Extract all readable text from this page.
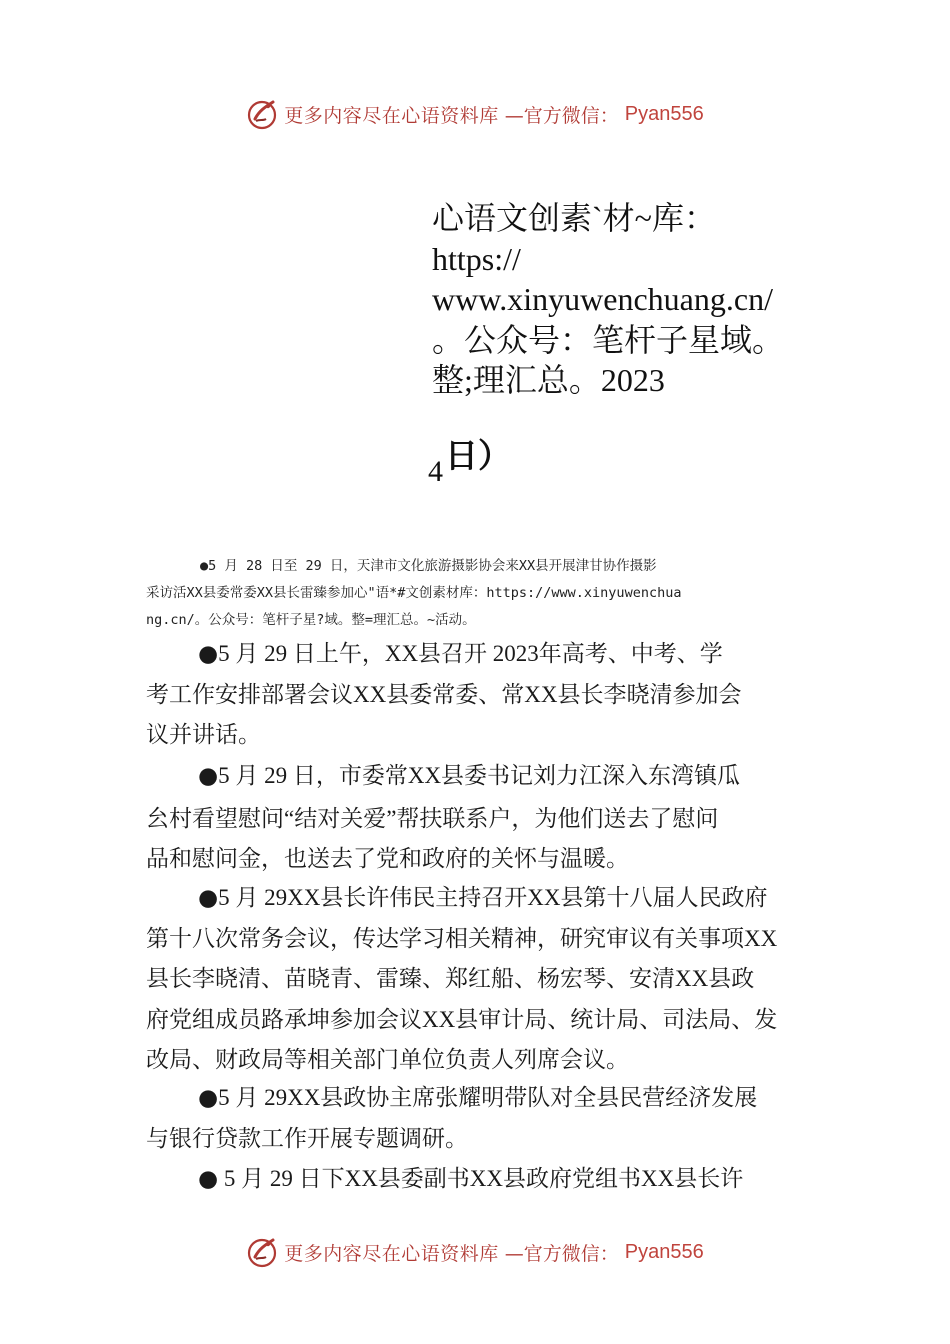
更多内容尽在心语资料库 —官方微信： Pyan556
心语文创素`材~库：
https://
www.xinyuwenchuang.cn/
。公众号：笔杆子星域。
整;理汇总。2023
4日）
●5 月 28 日至 29 日，天津市文化旅游摄影协会来XX县开展津甘协作摄影
采访活XX县委常委XX县长雷臻参加心"语*#文创素材库：https://www.xinyuwenchua
ng.cn/。公众号：笔杆子星?域。整=理汇总。~活动。
●5 月 29 日上午，XX县召开 2023年高考、中考、学
考工作安排部署会议XX县委常委、常XX县长李晓清参加会
议并讲话。
●5 月 29 日，市委常XX县委书记刘力江深入东湾镇瓜
㕕村看望慰问“结对关爱”帮扶联系户，为他们送去了慰问
品和慰问金，也送去了党和政府的关怀与温暖。
●5 月 29XX县长许伟民主持召开XX县第十八届人民政府
第十八次常务会议，传达学习相关精神，研究审议有关事项XX
县长李晓清、苗晓青、雷臻、郑红船、杨宏琴、安清XX县政
府党组成员路承坤参加会议XX县审计局、统计局、司法局、发
改局、财政局等相关部门单位负责人列席会议。
●5 月 29XX县政协主席张耀明带队对全县民营经济发展
与银行贷款工作开展专题调研。
● 5 月 29 日下XX县委副书XX县政府党组书XX县长许
更多内容尽在心语资料库 —官方微信： Pyan556
